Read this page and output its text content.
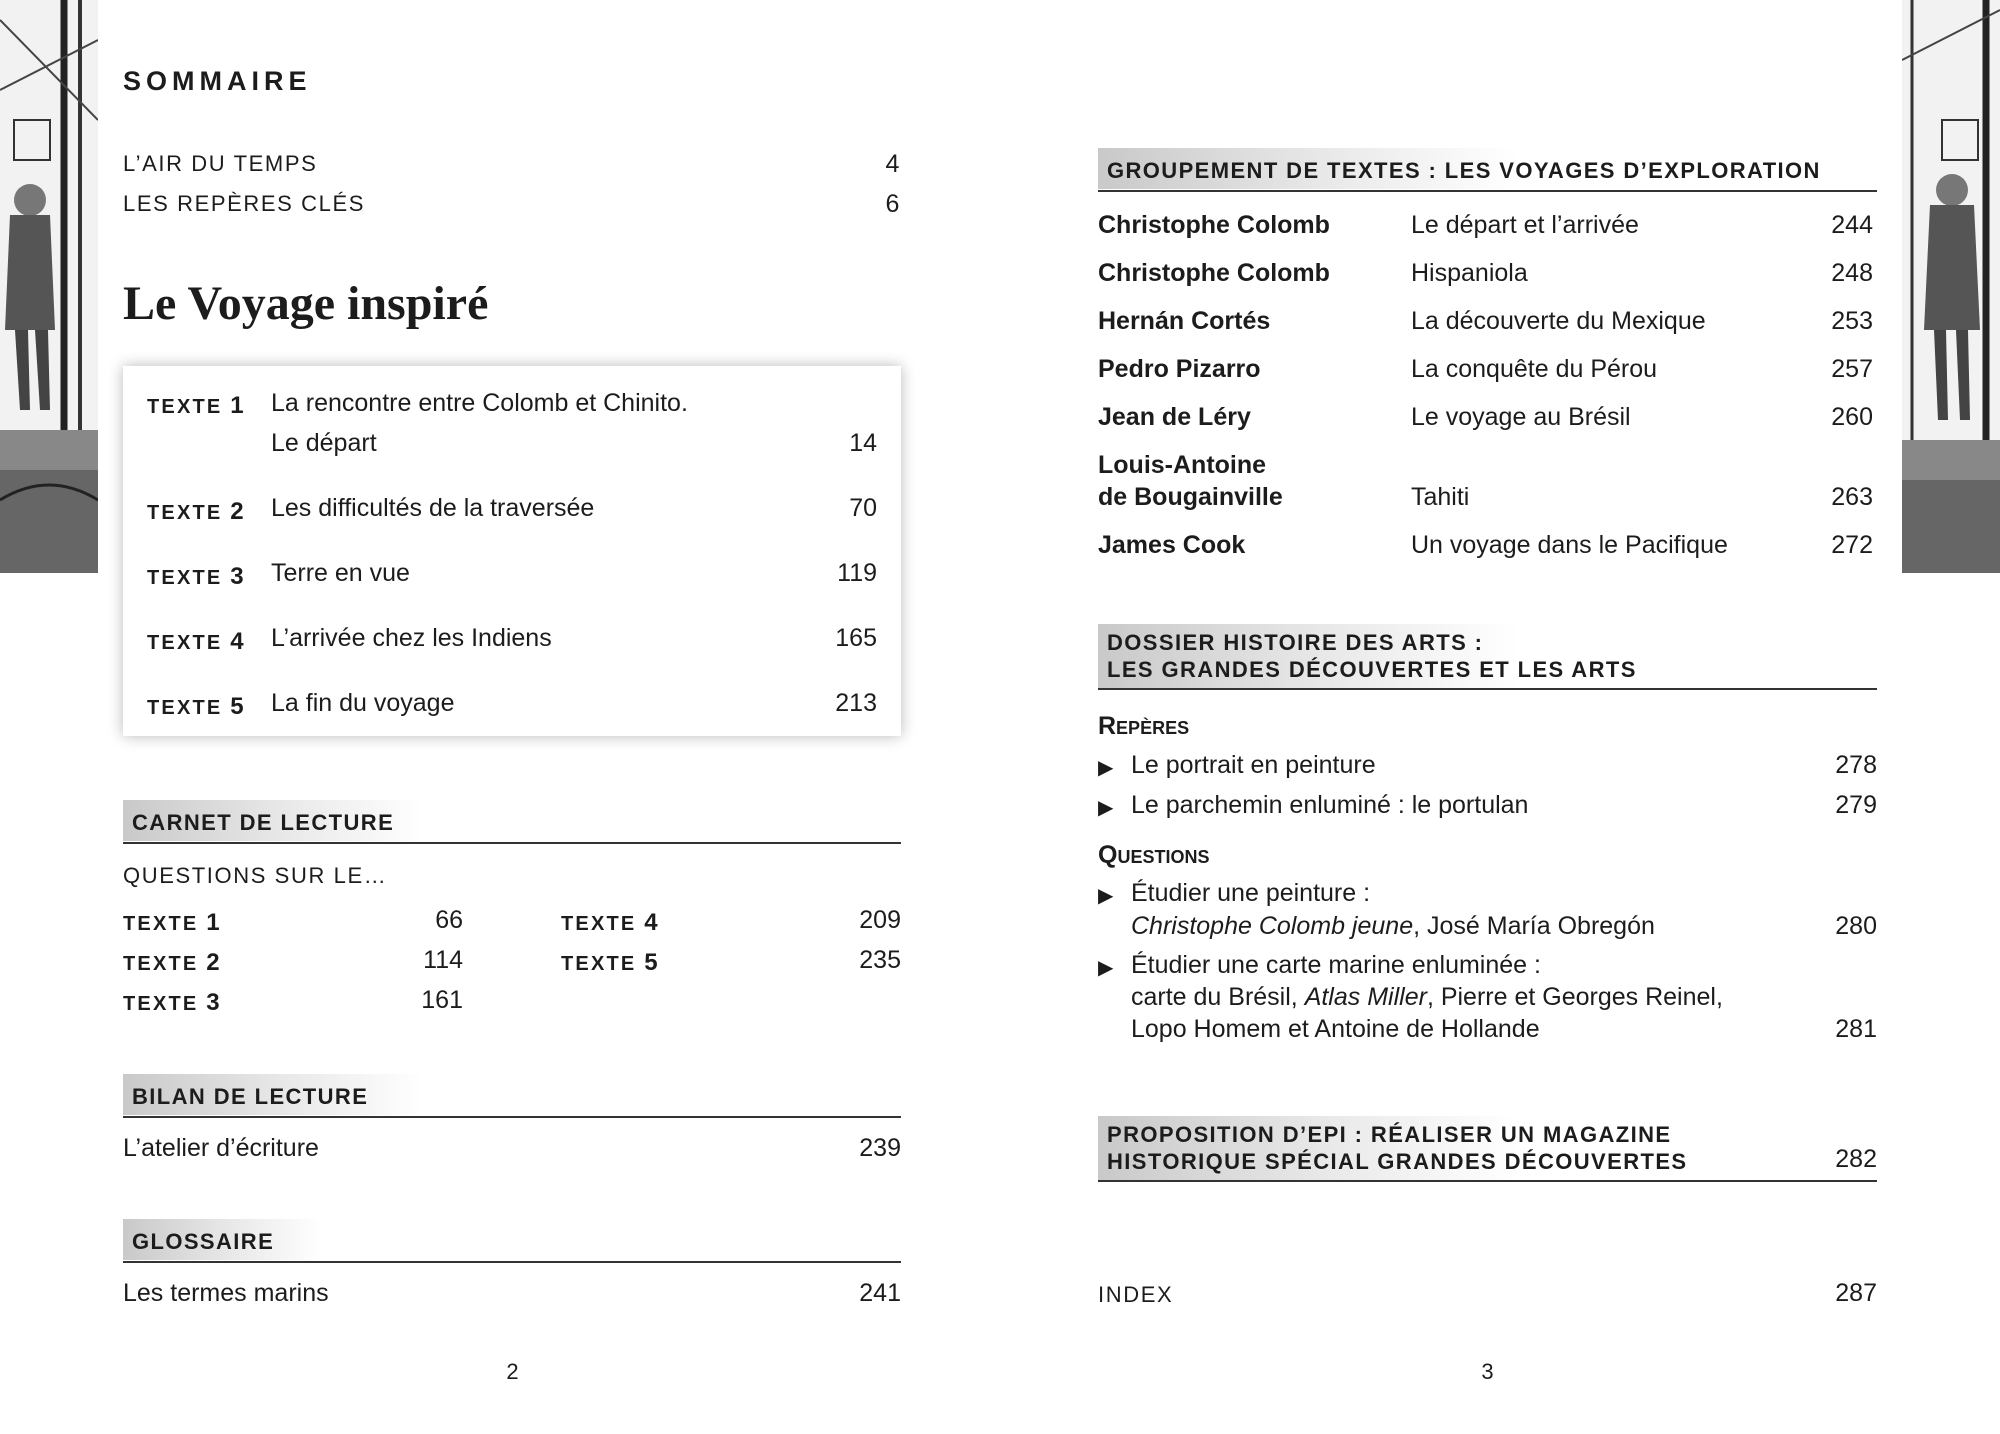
SOMMAIRE
L’AIR DU TEMPS	4
LES REPÈRES CLÉS	6
Le Voyage inspiré
TEXTE 1 La rencontre entre Colomb et Chinito.
Le départ	14
TEXTE 2 Les difficultés de la traversée	70
TEXTE 3 Terre en vue	119
TEXTE 4 L’arrivée chez les Indiens	165
TEXTE 5 La fin du voyage	213
CARNET DE LECTURE
QUESTIONS SUR LE…
TEXTE 1	66
TEXTE 2	114
TEXTE 3	161
TEXTE 4	209
TEXTE 5	235
BILAN DE LECTURE
L’atelier d’écriture	239
GLOSSAIRE
Les termes marins	241
2
GROUPEMENT DE TEXTES : LES VOYAGES D’EXPLORATION
Christophe Colomb	Le départ et l’arrivée	244
Christophe Colomb	Hispaniola	248
Hernán Cortés	La découverte du Mexique	253
Pedro Pizarro	La conquête du Pérou	257
Jean de Léry	Le voyage au Brésil	260
Louis-Antoine
de Bougainville	Tahiti	263
James Cook	Un voyage dans le Pacifique	272
DOSSIER HISTOIRE DES ARTS :
LES GRANDES DÉCOUVERTES ET LES ARTS
Repères
▶ Le portrait en peinture	278
▶ Le parchemin enluminé : le portulan	279
Questions
▶ Étudier une peinture :
Christophe Colomb jeune, José María Obregón	280
▶ Étudier une carte marine enluminée :
carte du Brésil, Atlas Miller, Pierre et Georges Reinel,
Lopo Homem et Antoine de Hollande	281
PROPOSITION D’EPI : RÉALISER UN MAGAZINE
HISTORIQUE SPÉCIAL GRANDES DÉCOUVERTES	282
INDEX	287
3
